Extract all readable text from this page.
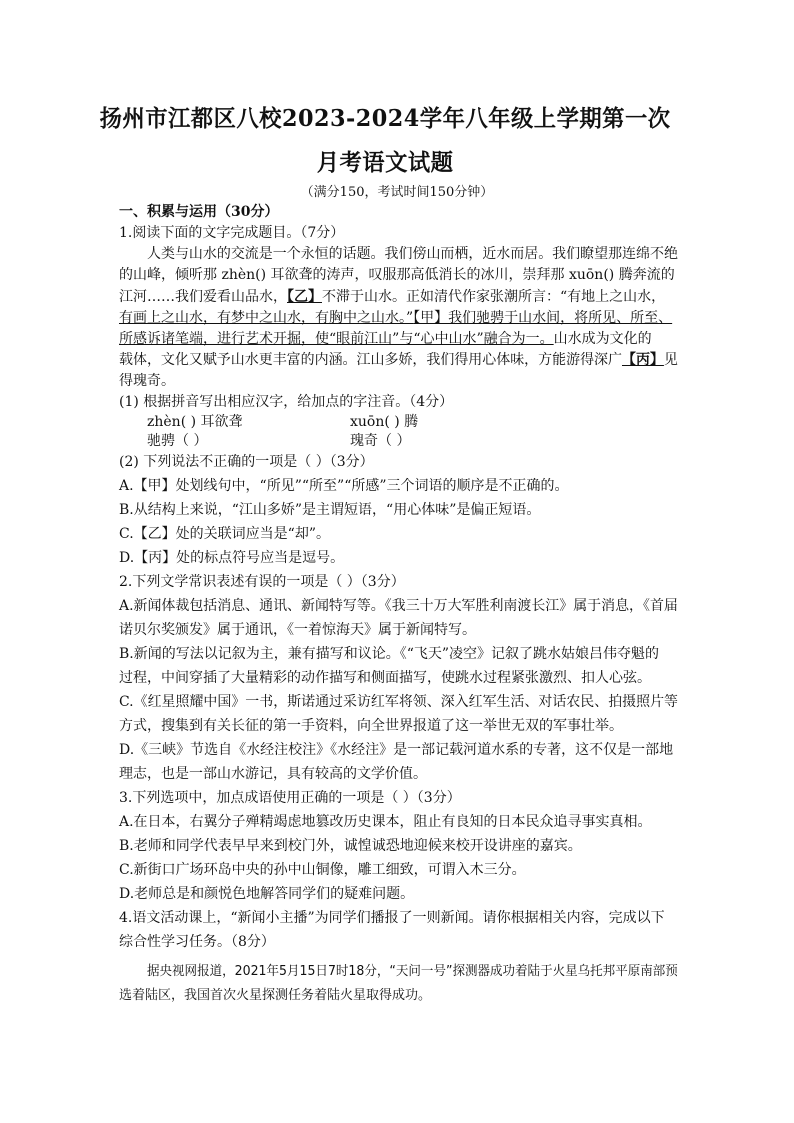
扬州市江都区八校2023-2024学年八年级上学期第一次
月考语文试题
（满分150，考试时间150分钟）
一、积累与运用（30分）
1.阅读下面的文字完成题目。（7分）
人类与山水的交流是一个永恒的话题。我们傍山而栖，近水而居。我们瞭望那连绵不绝
的山峰，倾听那 zhèn() 耳欲聋的涛声，叹服那高低消长的冰川，崇拜那 xuōn() 腾奔流的
江河……我们爱看山品水，【乙】不滞于山水。正如清代作家张潮所言：“有地上之山水，
有画上之山水，有梦中之山水，有胸中之山水。”【甲】我们驰骋于山水间，将所见、所至、
所感诉诸笔端，进行艺术开掘，使“眼前江山”与“心中山水”融合为一。山水成为文化的
载体，文化又赋予山水更丰富的内涵。江山多娇，我们得用心体味，方能游得深广【丙】见
得瑰奇。
(1) 根据拼音写出相应汉字，给加点的字注音。（4分）
zhèn( ) 耳欲聋	xuōn( ) 腾
驰骋（ ）	瑰奇（ ）
(2) 下列说法不正确的一项是（ ）（3分）
A.【甲】处划线句中，“所见”“所至”“所感”三个词语的顺序是不正确的。
B.从结构上来说，“江山多娇”是主谓短语，“用心体味”是偏正短语。
C.【乙】处的关联词应当是“却”。
D.【丙】处的标点符号应当是逗号。
2.下列文学常识表述有误的一项是（ ）（3分）
A.新闻体裁包括消息、通讯、新闻特写等。《我三十万大军胜利南渡长江》属于消息，《首届
诺贝尔奖颁发》属于通讯，《一着惊海天》属于新闻特写。
B.新闻的写法以记叙为主，兼有描写和议论。《“飞天”凌空》记叙了跳水姑娘吕伟夺魁的
过程，中间穿插了大量精彩的动作描写和侧面描写，使跳水过程紧张激烈、扣人心弦。
C.《红星照耀中国》一书，斯诺通过采访红军将领、深入红军生活、对话农民、拍摄照片等
方式，搜集到有关长征的第一手资料，向全世界报道了这一举世无双的军事壮举。
D.《三峡》节选自《水经注校注》《水经注》是一部记载河道水系的专著，这不仅是一部地
理志，也是一部山水游记，具有较高的文学价值。
3.下列选项中，加点成语使用正确的一项是（ ）（3分）
A.在日本，右翼分子殚精竭虑地篡改历史课本，阻止有良知的日本民众追寻事实真相。
B.老师和同学代表早早来到校门外，诚惶诚恐地迎候来校开设讲座的嘉宾。
C.新街口广场环岛中央的孙中山铜像，雕工细致，可谓入木三分。
D.老师总是和颜悦色地解答同学们的疑难问题。
4.语文活动课上，“新闻小主播”为同学们播报了一则新闻。请你根据相关内容，完成以下
综合性学习任务。（8分）
据央视网报道，2021年5月15日7时18分，“天问一号”探测器成功着陆于火星乌托邦平原南部预
选着陆区，我国首次火星探测任务着陆火星取得成功。
